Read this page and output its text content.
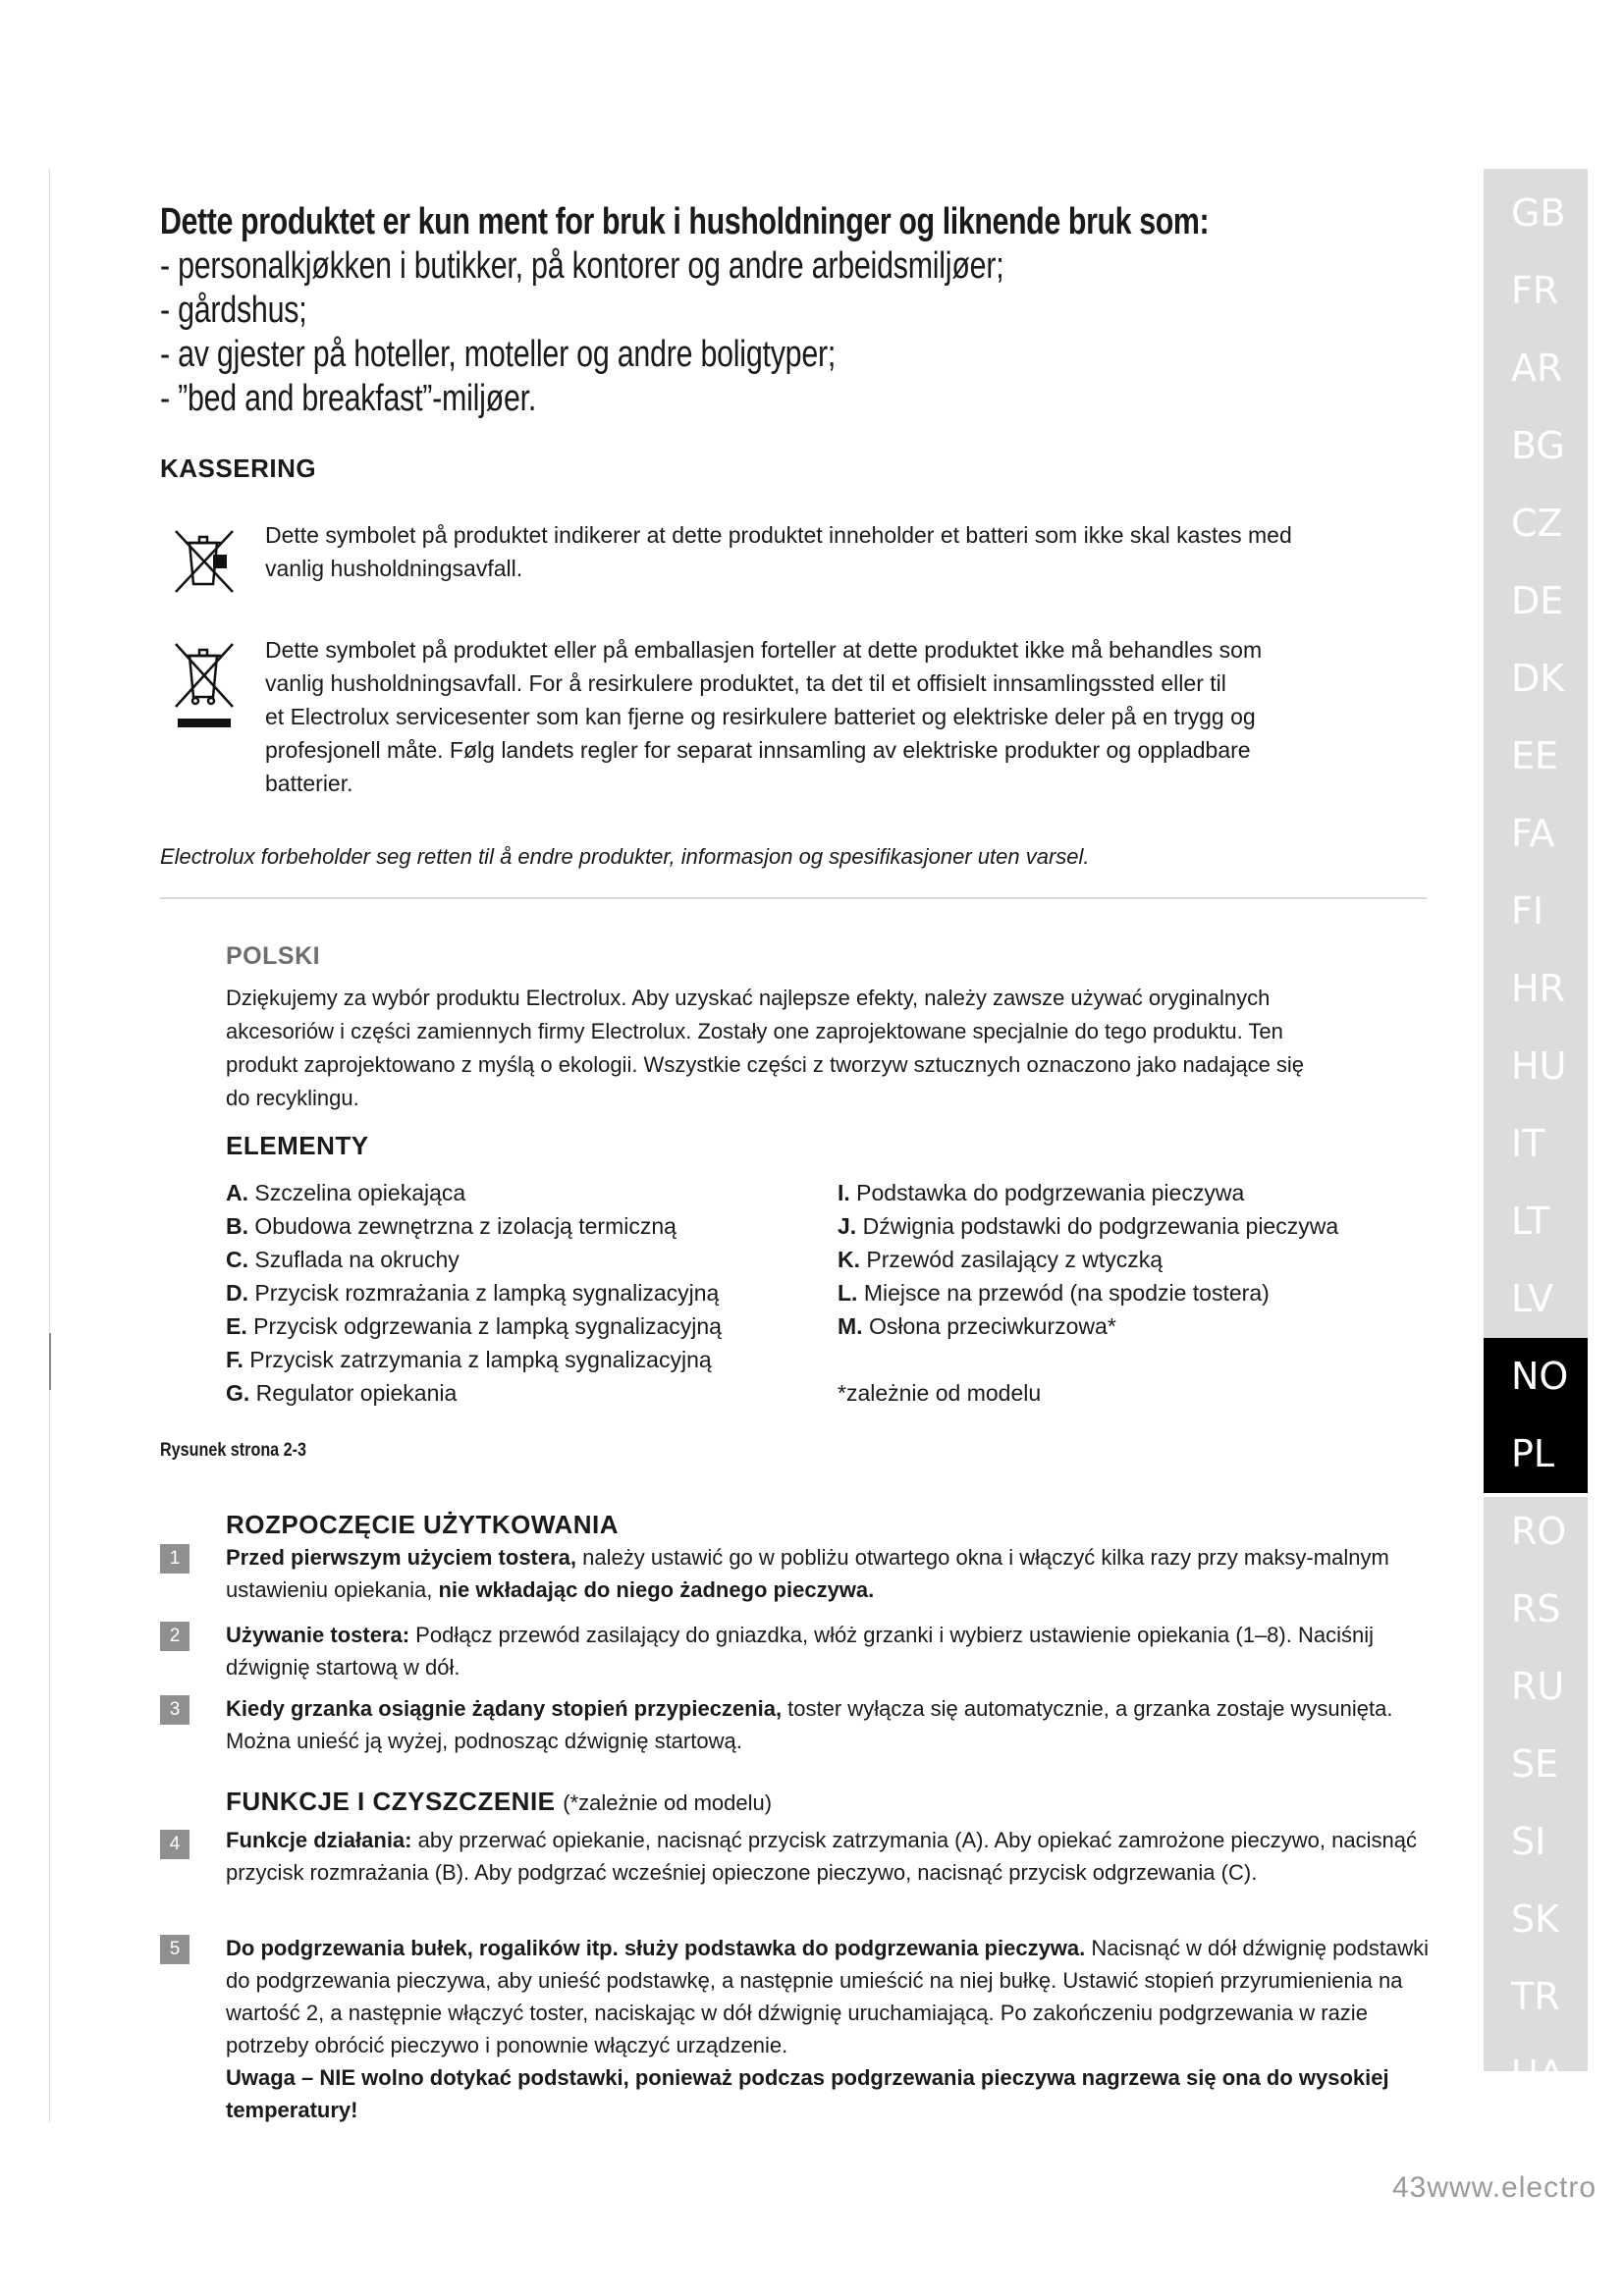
Dette produktet er kun ment for bruk i husholdninger og liknende bruk som:
- personalkjøkken i butikker, på kontorer og andre arbeidsmiljøer;
- gårdshus;
- av gjester på hoteller, moteller og andre boligtyper;
- ”bed and breakfast”-miljøer.
KASSERING
Dette symbolet på produktet indikerer at dette produktet inneholder et batteri som ikke skal kastes med
vanlig husholdningsavfall.
Dette symbolet på produktet eller på emballasjen forteller at dette produktet ikke må behandles som
vanlig husholdningsavfall. For å resirkulere produktet, ta det til et offisielt innsamlingssted eller til
et Electrolux servicesenter som kan fjerne og resirkulere batteriet og elektriske deler på en trygg og
profesjonell måte. Følg landets regler for separat innsamling av elektriske produkter og oppladbare
batterier.
Electrolux forbeholder seg retten til å endre produkter, informasjon og spesifikasjoner uten varsel.
POLSKI
Dziękujemy za wybór produktu Electrolux. Aby uzyskać najlepsze efekty, należy zawsze używać oryginalnych
akcesoriów i części zamiennych firmy Electrolux. Zostały one zaprojektowane specjalnie do tego produktu. Ten
produkt zaprojektowano z myślą o ekologii. Wszystkie części z tworzyw sztucznych oznaczono jako nadające się
do recyklingu.
ELEMENTY
A. Szczelina opiekająca
B. Obudowa zewnętrzna z izolacją termiczną
C. Szuflada na okruchy
D. Przycisk rozmrażania z lampką sygnalizacyjną
E. Przycisk odgrzewania z lampką sygnalizacyjną
F. Przycisk zatrzymania z lampką sygnalizacyjną
G. Regulator opiekania
I. Podstawka do podgrzewania pieczywa
J. Dźwignia podstawki do podgrzewania pieczywa
K. Przewód zasilający z wtyczką
L. Miejsce na przewód (na spodzie tostera)
M. Osłona przeciwkurzowa*
*zależnie od modelu
Rysunek strona 2-3
ROZPOCZĘCIE UŻYTKOWANIA
1	Przed pierwszym użyciem tostera, należy ustawić go w pobliżu otwartego okna i włączyć kilka razy przy maksy-malnym ustawieniu opiekania, nie wkładając do niego żadnego pieczywa.
2	Używanie tostera: Podłącz przewód zasilający do gniazdka, włóż grzanki i wybierz ustawienie opiekania (1–8). Naciśnij dźwignię startową w dół.
3	Kiedy grzanka osiągnie żądany stopień przypieczenia, toster wyłącza się automatycznie, a grzanka zostaje wysunięta. Można unieść ją wyżej, podnosząc dźwignię startową.
FUNKCJE I CZYSZCZENIE (*zależnie od modelu)
4	Funkcje działania: aby przerwać opiekanie, nacisnąć przycisk zatrzymania (A). Aby opiekać zamrożone pieczywo, nacisnąć przycisk rozmrażania (B). Aby podgrzać wcześniej opieczone pieczywo, nacisnąć przycisk odgrzewania (C).
5	Do podgrzewania bułek, rogalików itp. służy podstawka do podgrzewania pieczywa. Nacisnąć w dół dźwignię podstawki do podgrzewania pieczywa, aby unieść podstawkę, a następnie umieścić na niej bułkę. Ustawić stopień przyrumienienia na wartość 2, a następnie włączyć toster, naciskając w dół dźwignię uruchamiającą. Po zakończeniu podgrzewania w razie potrzeby obrócić pieczywo i ponownie włączyć urządzenie.
Uwaga – NIE wolno dotykać podstawki, ponieważ podczas podgrzewania pieczywa nagrzewa się ona do wysokiej temperatury!
GB
FR
AR
BG
CZ
DE
DK
EE
FA
FI
HR
HU
IT
LT
LV
NO
PL
RO
RS
RU
SE
SI
SK
TR
UA
43www.electro
